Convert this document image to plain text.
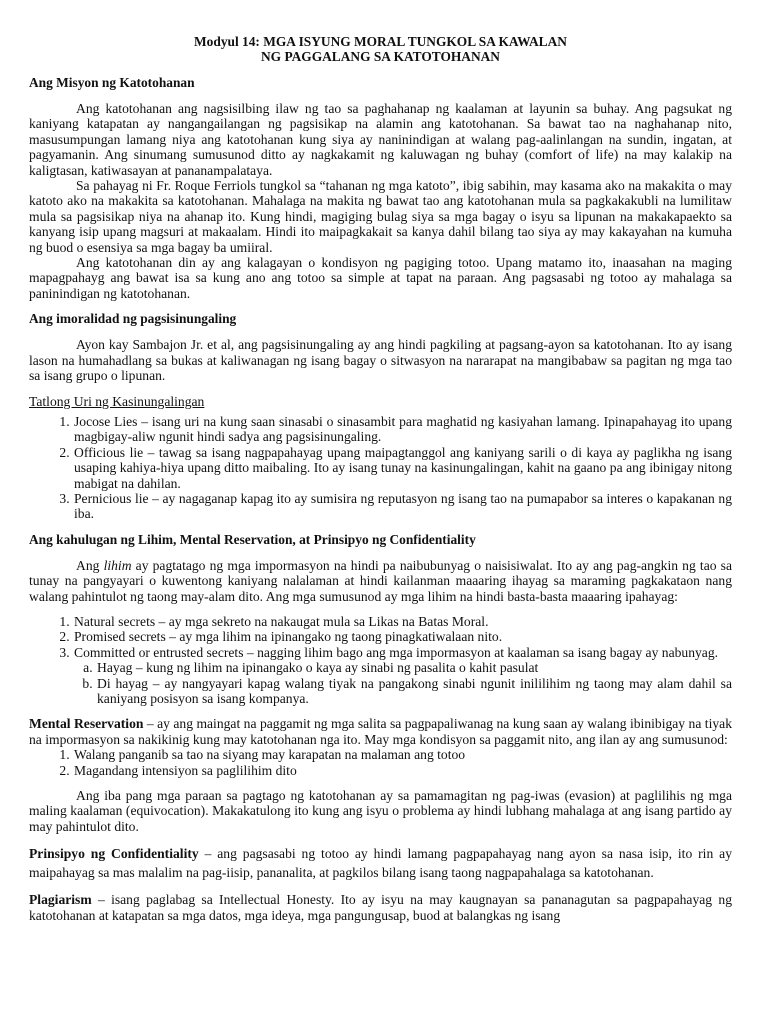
Modyul 14: MGA ISYUNG MORAL TUNGKOL SA KAWALAN
NG PAGGALANG SA KATOTOHANAN
Ang Misyon ng Katotohanan

Ang katotohanan ang nagsisilbing ilaw ng tao sa paghahanap ng kaalaman at layunin sa buhay. Ang pagsukat ng kaniyang katapatan ay nangangailangan ng pagsisikap na alamin ang katotohanan. Sa bawat tao na naghahanap nito, masusumpungan lamang niya ang katotohanan kung siya ay naninindigan at walang pag-aalinlangan na sundin, ingatan, at pagyamanin. Ang sinumang sumusunod ditto ay nagkakamit ng kaluwagan ng buhay (comfort of life) na may kalakip na kaligtasan, katiwasayan at pananampalataya.

Sa pahayag ni Fr. Roque Ferriols tungkol sa “tahanan ng mga katoto”, ibig sabihin, may kasama ako na makakita o may katoto ako na makakita sa katotohanan. Mahalaga na makita ng bawat tao ang katotohanan mula sa pagkakakubli na lumilitaw mula sa pagsisikap niya na ahanap ito. Kung hindi, magiging bulag siya sa mga bagay o isyu sa lipunan na makakapaekto sa kanyang isip upang magsuri at makaalam. Hindi ito maipagkakait sa kanya dahil bilang tao siya ay may kakayahan na kumuha ng buod o esensiya sa mga bagay ba umiiral.

Ang katotohanan din ay ang kalagayan o kondisyon ng pagiging totoo. Upang matamo ito, inaasahan na maging mapagpahayg ang bawat isa sa kung ano ang totoo sa simple at tapat na paraan. Ang pagsasabi ng totoo ay mahalaga sa paninindigan ng katotohanan.

Ang imoralidad ng pagsisinungaling

Ayon kay Sambajon Jr. et al, ang pagsisinungaling ay ang hindi pagkiling at pagsang-ayon sa katotohanan. Ito ay isang lason na humahadlang sa bukas at kaliwanagan ng isang bagay o sitwasyon na nararapat na mangibabaw sa pagitan ng mga tao sa isang grupo o lipunan.

Tatlong Uri ng Kasinungalingan
1. Jocose Lies – isang uri na kung saan sinasabi o sinasambit para maghatid ng kasiyahan lamang. Ipinapahayag ito upang magbigay-aliw ngunit hindi sadya ang pagsisinungaling.
2. Officious lie – tawag sa isang nagpapahayag upang maipagtanggol ang kaniyang sarili o di kaya ay paglikha ng isang usaping kahiya-hiya upang ditto maibaling. Ito ay isang tunay na kasinungalingan, kahit na gaano pa ang ibinigay nitong mabigat na dahilan.
3. Pernicious lie – ay nagaganap kapag ito ay sumisira ng reputasyon ng isang tao na pumapabor sa interes o kapakanan ng iba.
Ang kahulugan ng Lihim, Mental Reservation, at Prinsipyo ng Confidentiality

Ang lihim ay pagtatago ng mga impormasyon na hindi pa naibubunyag o naisisiwalat. Ito ay ang pag-angkin ng tao sa tunay na pangyayari o kuwentong kaniyang nalalaman at hindi kailanman maaaring ihayag sa maraming pagkakataon nang walang pahintulot ng taong may-alam dito. Ang mga sumusunod ay mga lihim na hindi basta-basta maaaring ipahayag:

1. Natural secrets – ay mga sekreto na nakaugat mula sa Likas na Batas Moral.
2. Promised secrets – ay mga lihim na ipinangako ng taong pinagkatiwalaan nito.
3. Committed or entrusted secrets – nagging lihim bago ang mga impormasyon at kaalaman sa isang bagay ay nabunyag.
a. Hayag – kung ng lihim na ipinangako o kaya ay sinabi ng pasalita o kahit pasulat
b. Di hayag – ay nangyayari kapag walang tiyak na pangakong sinabi ngunit inililihim ng taong may alam dahil sa kaniyang posisyon sa isang kompanya.

Mental Reservation – ay ang maingat na paggamit ng mga salita sa pagpapaliwanag na kung saan ay walang ibinibigay na tiyak na impormasyon sa nakikinig kung may katotohanan nga ito. May mga kondisyon sa paggamit nito, ang ilan ay ang sumusunod:

1. Walang panganib sa tao na siyang may karapatan na malaman ang totoo
2. Magandang intensiyon sa paglilihim dito

Ang iba pang mga paraan sa pagtago ng katotohanan ay sa pamamagitan ng pag-iwas (evasion) at paglilihis ng mga maling kaalaman (equivocation). Makakatulong ito kung ang isyu o problema ay hindi lubhang mahalaga at ang isang partido ay may pahintulot dito.

Prinsipyo ng Confidentiality – ang pagsasabi ng totoo ay hindi lamang pagpapahayag nang ayon sa nasa isip, ito rin ay maipahayag sa mas malalim na pag-iisip, pananalita, at pagkilos bilang isang taong nagpapahalaga sa katotohanan.

Plagiarism – isang paglabag sa Intellectual Honesty. Ito ay isyu na may kaugnayan sa pananagutan sa pagpapahayag ng katotohanan at katapatan sa mga datos, mga ideya, mga pangungusap, buod at balangkas ng isang
